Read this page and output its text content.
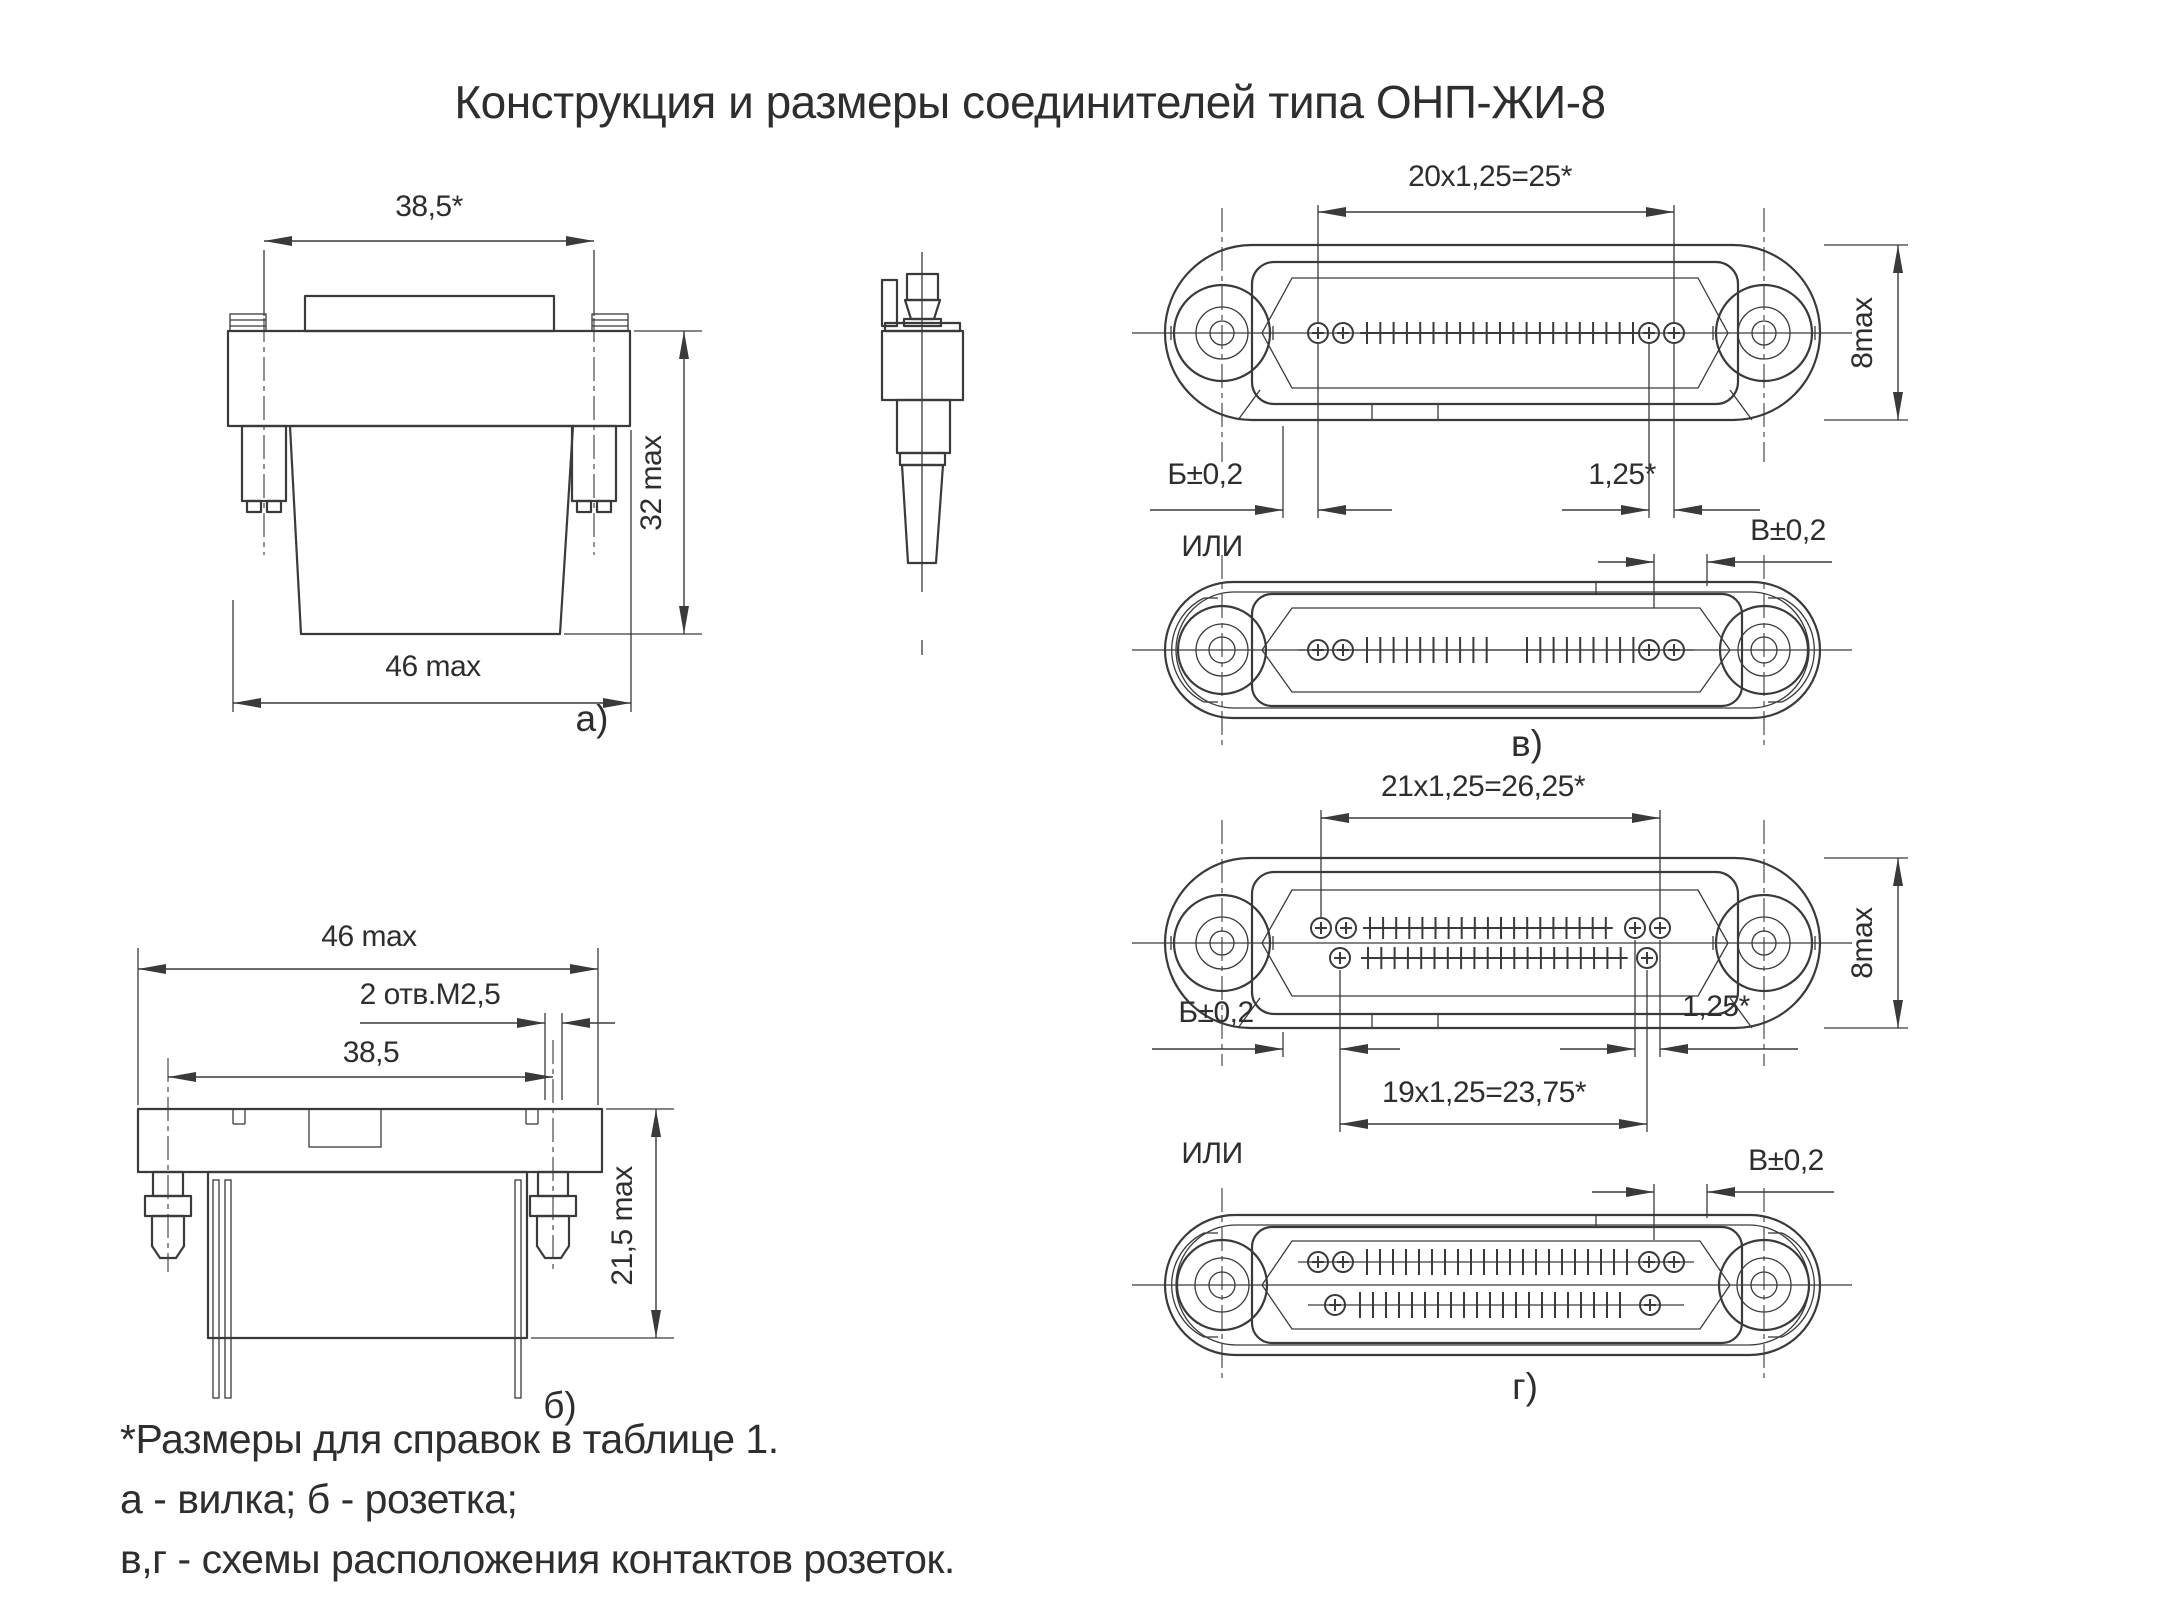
Конструкция и размеры соединителей типа ОНП-ЖИ-8
38,5*
32 max
46 max
а)
46 max
2 отв.М2,5
38,5
21,5 max
б)
20x1,25=25*
8max
Б±0,2	1,25*
ИЛИ	В±0,2
в)
21x1,25=26,25*
8max
Б±0,2	1,25*
19x1,25=23,75*
ИЛИ	В±0,2
г)
*Размеры для справок в таблице 1.
а - вилка; б - розетка;
в,г - схемы расположения контактов розеток.
